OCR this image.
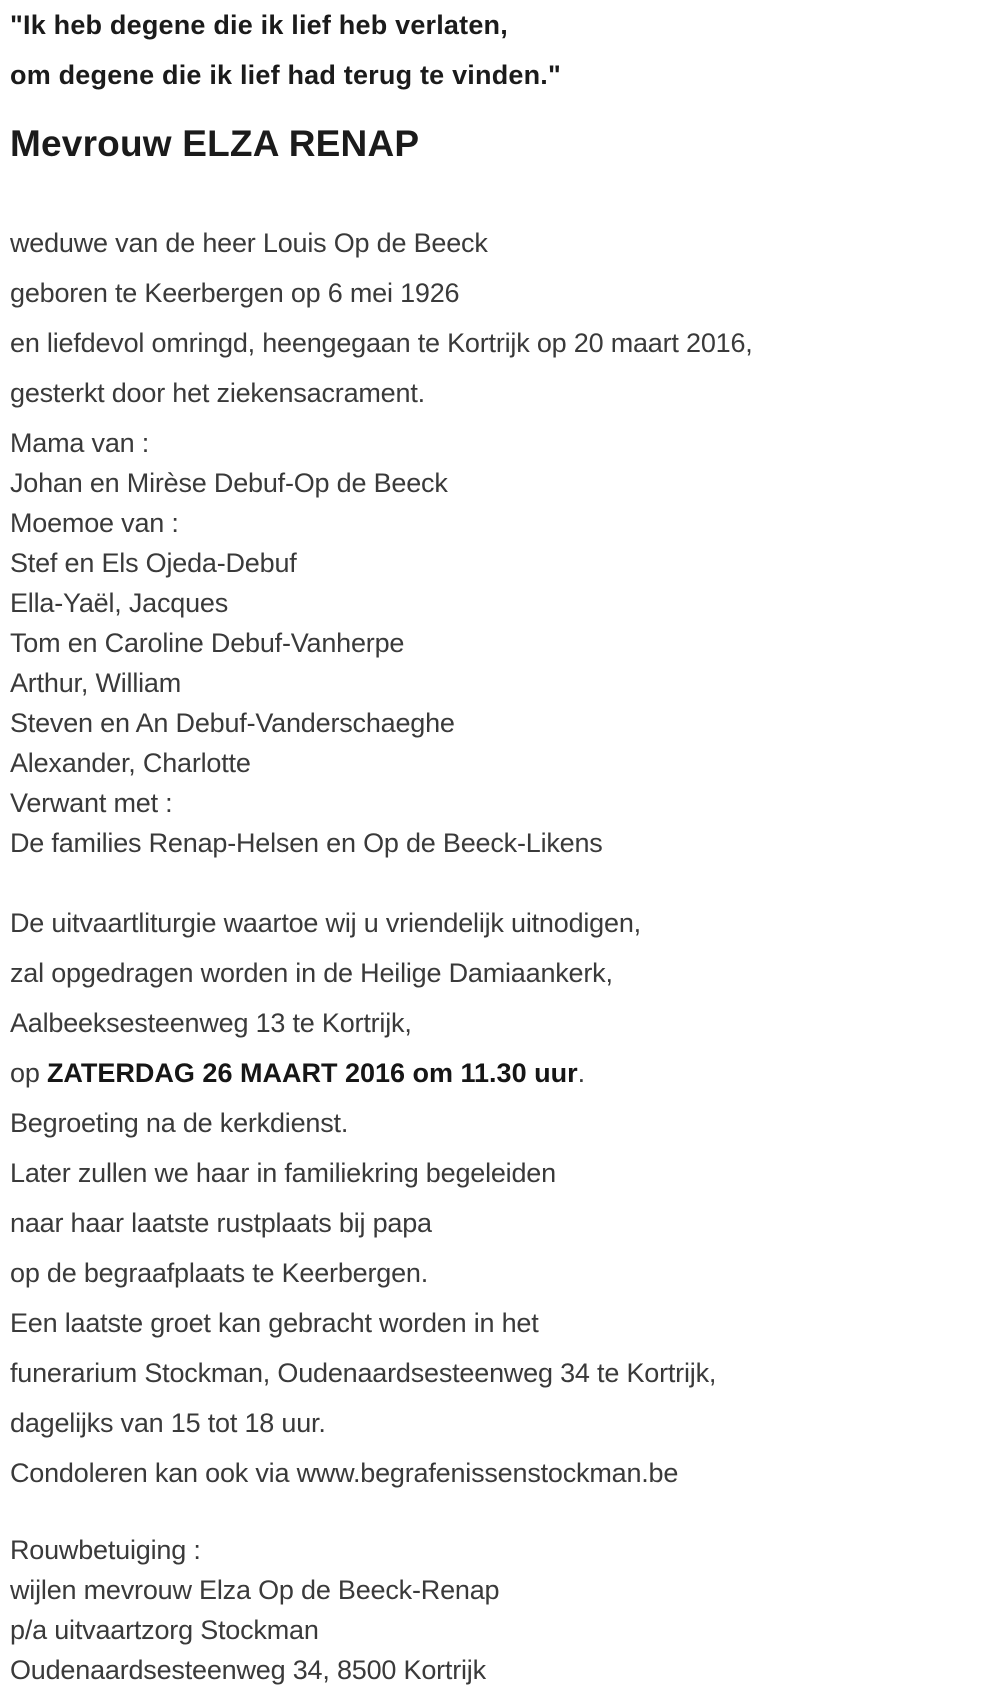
"Ik heb degene die ik lief heb verlaten,

om degene die ik lief had terug te vinden."

Mevrouw ELZA RENAP

weduwe van de heer Louis Op de Beeck

geboren te Keerbergen op 6 mei 1926

en liefdevol omringd, heengegaan te Kortrijk op 20 maart 2016,

gesterkt door het ziekensacrament.

Mama van :

Johan en Mirèse Debuf-Op de Beeck

Moemoe van :

Stef en Els Ojeda-Debuf

Ella-Yaël, Jacques

Tom en Caroline Debuf-Vanherpe

Arthur, William

Steven en An Debuf-Vanderschaeghe

Alexander, Charlotte

Verwant met :

De families Renap-Helsen en Op de Beeck-Likens

De uitvaartliturgie waartoe wij u vriendelijk uitnodigen,

zal opgedragen worden in de Heilige Damiaankerk,

Aalbeeksesteenweg 13 te Kortrijk,

op ZATERDAG 26 MAART 2016 om 11.30 uur.

Begroeting na de kerkdienst.

Later zullen we haar in familiekring begeleiden

naar haar laatste rustplaats bij papa

op de begraafplaats te Keerbergen.

Een laatste groet kan gebracht worden in het

funerarium Stockman, Oudenaardsesteenweg 34 te Kortrijk,

dagelijks van 15 tot 18 uur.

Condoleren kan ook via www.begrafenissenstockman.be

Rouwbetuiging :

wijlen mevrouw Elza Op de Beeck-Renap

p/a uitvaartzorg Stockman

Oudenaardsesteenweg 34, 8500 Kortrijk
